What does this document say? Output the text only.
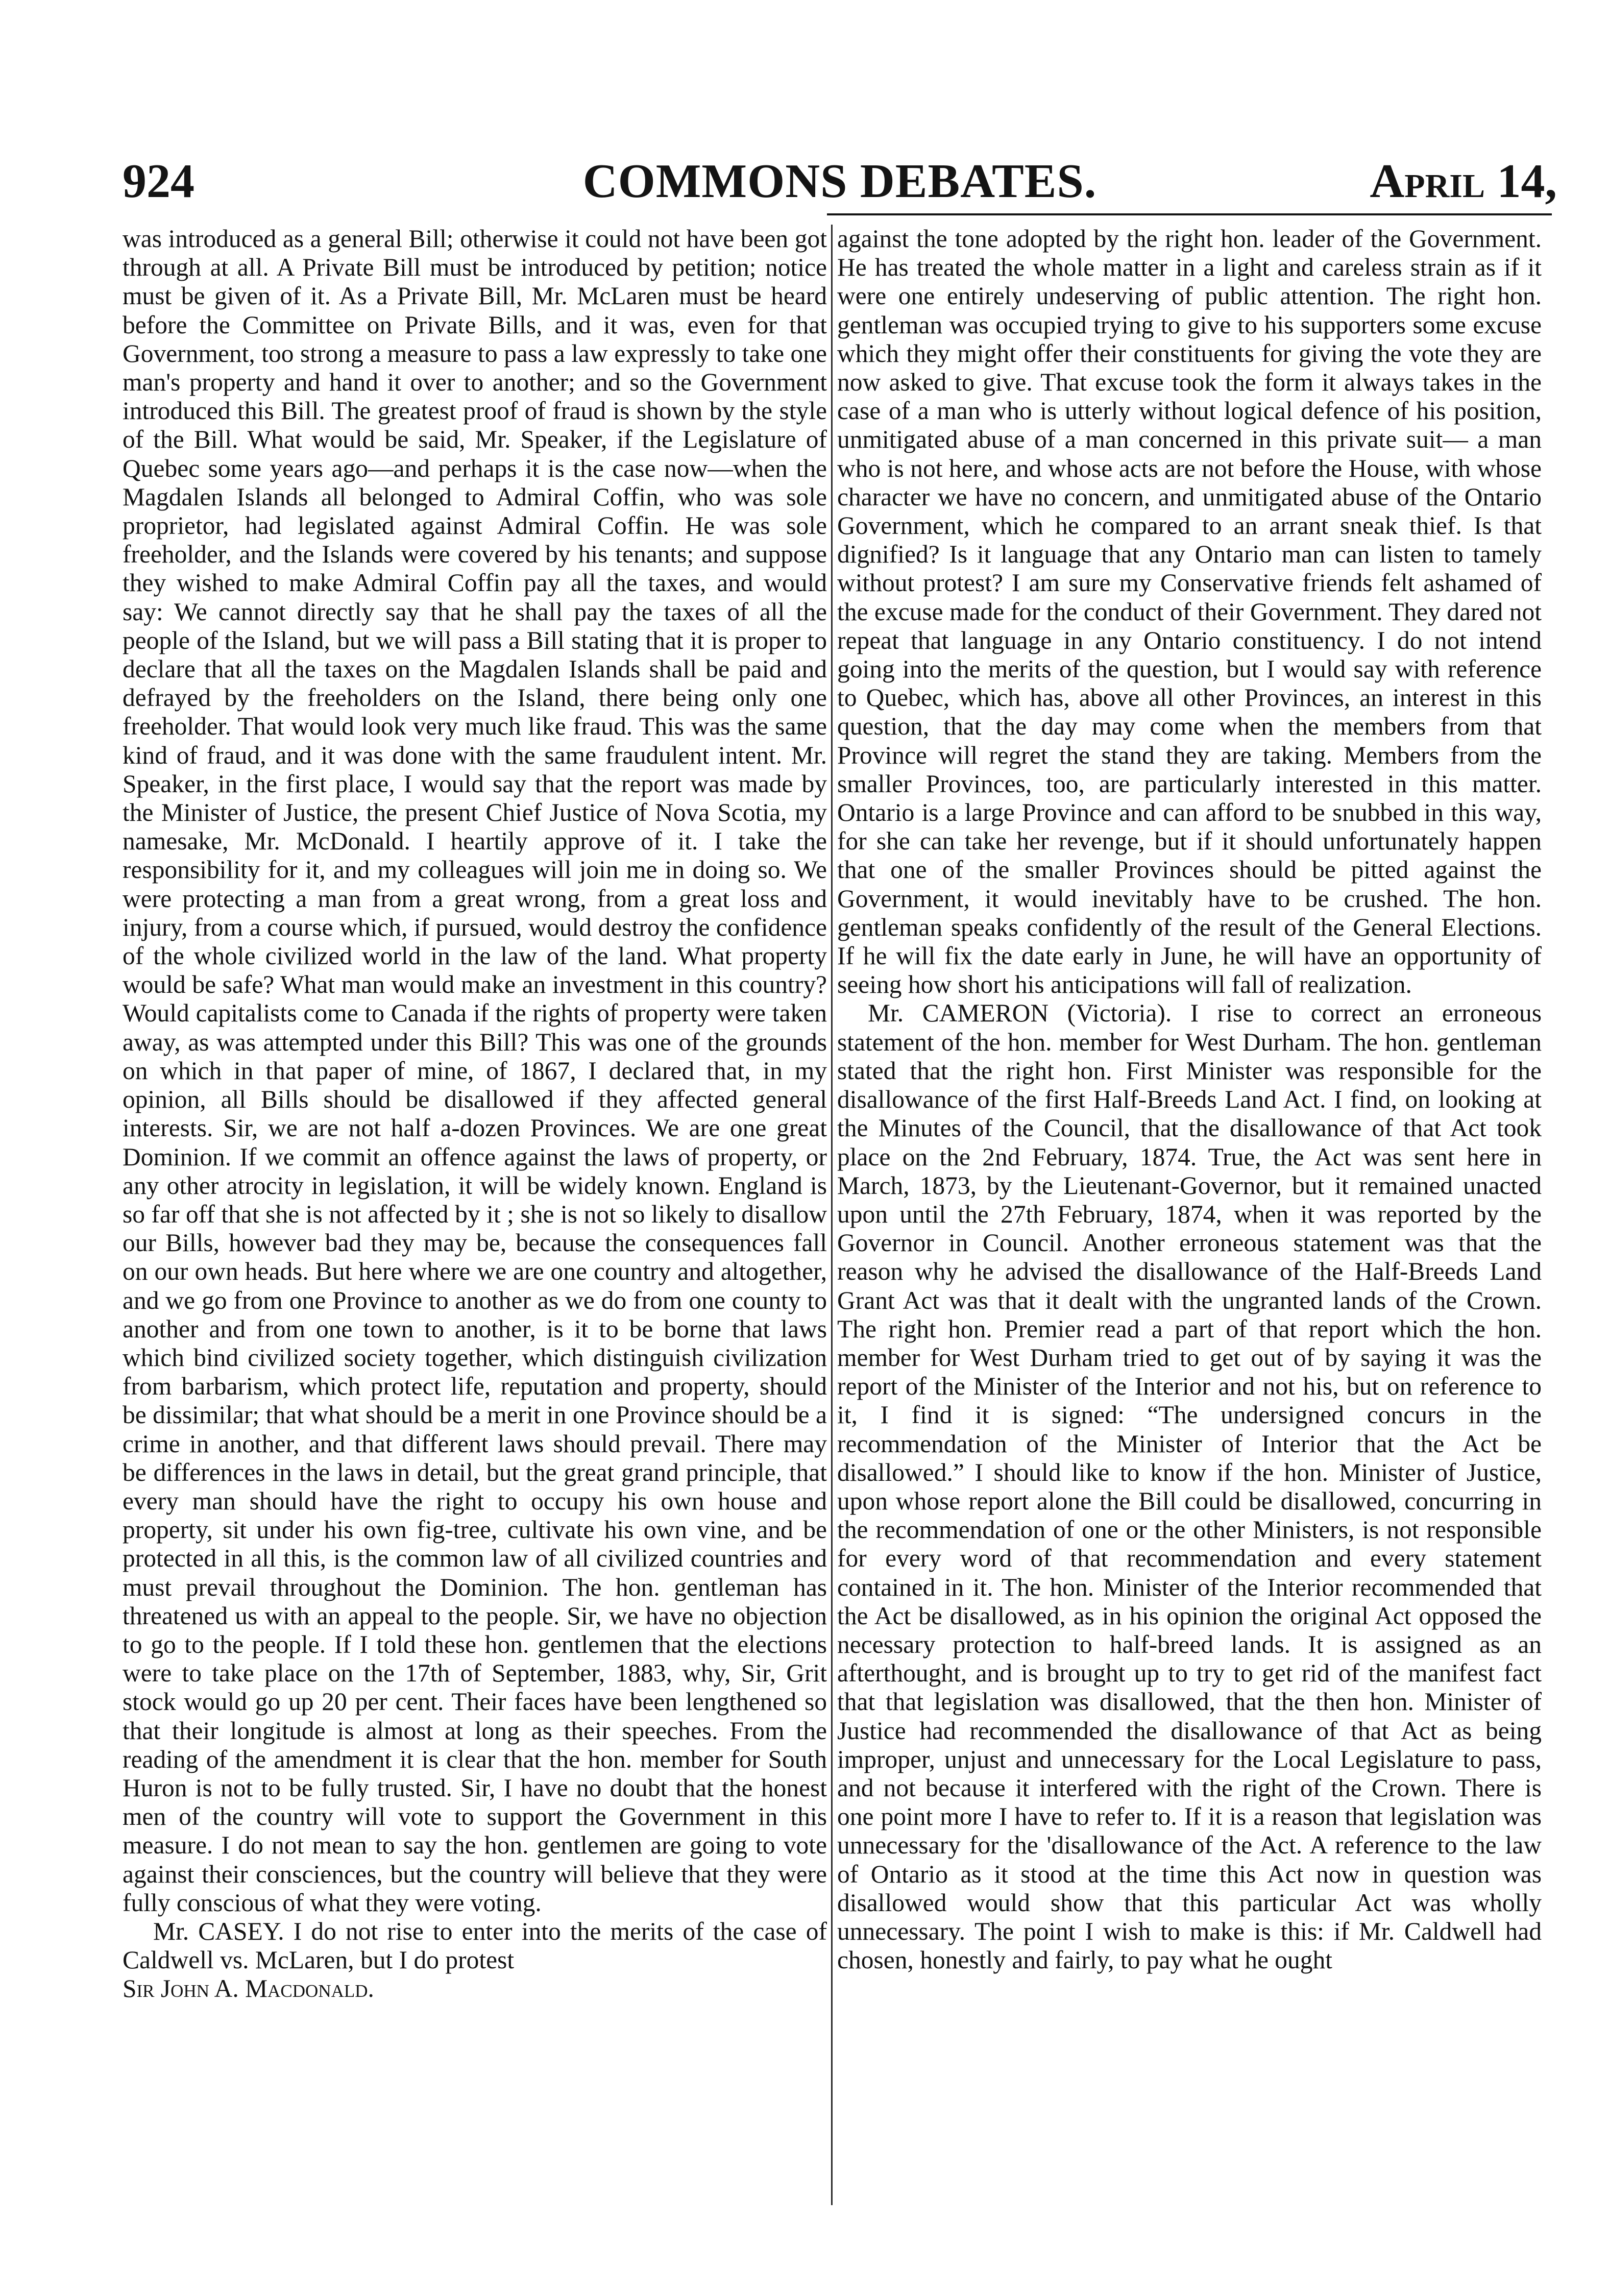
924	COMMONS DEBATES.	April 14,

was introduced as a general Bill; otherwise it could not have been got through at all. A Private Bill must be introduced by petition; notice must be given of it. As a Private Bill, Mr. McLaren must be heard before the Committee on Private Bills, and it was, even for that Government, too strong a measure to pass a law expressly to take one man's property and hand it over to another; and so the Government introduced this Bill. The greatest proof of fraud is shown by the style of the Bill. What would be said, Mr. Speaker, if the Legislature of Quebec some years ago—and perhaps it is the case now—when the Magdalen Islands all belonged to Admiral Coffin, who was sole proprietor, had legislated against Admiral Coffin. He was sole freeholder, and the Islands were covered by his tenants; and suppose they wished to make Admiral Coffin pay all the taxes, and would say: We cannot directly say that he shall pay the taxes of all the people of the Island, but we will pass a Bill stating that it is proper to declare that all the taxes on the Magdalen Islands shall be paid and defrayed by the freeholders on the Island, there being only one freeholder. That would look very much like fraud. This was the same kind of fraud, and it was done with the same fraudulent intent. Mr. Speaker, in the first place, I would say that the report was made by the Minister of Justice, the present Chief Justice of Nova Scotia, my namesake, Mr. McDonald. I heartily approve of it. I take the responsibility for it, and my colleagues will join me in doing so. We were protecting a man from a great wrong, from a great loss and injury, from a course which, if pursued, would destroy the confidence of the whole civilized world in the law of the land. What property would be safe? What man would make an investment in this country? Would capitalists come to Canada if the rights of property were taken away, as was attempted under this Bill? This was one of the grounds on which in that paper of mine, of 1867, I declared that, in my opinion, all Bills should be disallowed if they affected general interests. Sir, we are not half a-dozen Provinces. We are one great Dominion. If we commit an offence against the laws of property, or any other atrocity in legislation, it will be widely known. England is so far off that she is not affected by it ; she is not so likely to disallow our Bills, however bad they may be, because the consequences fall on our own heads. But here where we are one country and altogether, and we go from one Province to another as we do from one county to another and from one town to another, is it to be borne that laws which bind civilized society together, which distinguish civilization from barbarism, which protect life, reputation and property, should be dissimilar; that what should be a merit in one Province should be a crime in another, and that different laws should prevail. There may be differences in the laws in detail, but the great grand principle, that every man should have the right to occupy his own house and property, sit under his own fig-tree, cultivate his own vine, and be protected in all this, is the common law of all civilized countries and must prevail throughout the Dominion. The hon. gentleman has threatened us with an appeal to the people. Sir, we have no objection to go to the people. If I told these hon. gentlemen that the elections were to take place on the 17th of September, 1883, why, Sir, Grit stock would go up 20 per cent. Their faces have been lengthened so that their longitude is almost at long as their speeches. From the reading of the amendment it is clear that the hon. member for South Huron is not to be fully trusted. Sir, I have no doubt that the honest men of the country will vote to support the Government in this measure. I do not mean to say the hon. gentlemen are going to vote against their consciences, but the country will believe that they were fully conscious of what they were voting.

Mr. CASEY. I do not rise to enter into the merits of the case of Caldwell vs. McLaren, but I do protest

Sir John A. Macdonald.

against the tone adopted by the right hon. leader of the Government. He has treated the whole matter in a light and careless strain as if it were one entirely undeserving of public attention. The right hon. gentleman was occupied trying to give to his supporters some excuse which they might offer their constituents for giving the vote they are now asked to give. That excuse took the form it always takes in the case of a man who is utterly without logical defence of his position, unmitigated abuse of a man concerned in this private suit— a man who is not here, and whose acts are not before the House, with whose character we have no concern, and unmitigated abuse of the Ontario Government, which he compared to an arrant sneak thief. Is that dignified? Is it language that any Ontario man can listen to tamely without protest? I am sure my Conservative friends felt ashamed of the excuse made for the conduct of their Government. They dared not repeat that language in any Ontario constituency. I do not intend going into the merits of the question, but I would say with reference to Quebec, which has, above all other Provinces, an interest in this question, that the day may come when the members from that Province will regret the stand they are taking. Members from the smaller Provinces, too, are particularly interested in this matter. Ontario is a large Province and can afford to be snubbed in this way, for she can take her revenge, but if it should unfortunately happen that one of the smaller Provinces should be pitted against the Government, it would inevitably have to be crushed. The hon. gentleman speaks confidently of the result of the General Elections. If he will fix the date early in June, he will have an opportunity of seeing how short his anticipations will fall of realization.

Mr. CAMERON (Victoria). I rise to correct an erroneous statement of the hon. member for West Durham. The hon. gentleman stated that the right hon. First Minister was responsible for the disallowance of the first Half-Breeds Land Act. I find, on looking at the Minutes of the Council, that the disallowance of that Act took place on the 2nd February, 1874. True, the Act was sent here in March, 1873, by the Lieutenant-Governor, but it remained unacted upon until the 27th February, 1874, when it was reported by the Governor in Council. Another erroneous statement was that the reason why he advised the disallowance of the Half-Breeds Land Grant Act was that it dealt with the ungranted lands of the Crown. The right hon. Premier read a part of that report which the hon. member for West Durham tried to get out of by saying it was the report of the Minister of the Interior and not his, but on reference to it, I find it is signed: “The undersigned concurs in the recommendation of the Minister of Interior that the Act be disallowed.” I should like to know if the hon. Minister of Justice, upon whose report alone the Bill could be disallowed, concurring in the recommendation of one or the other Ministers, is not responsible for every word of that recommendation and every statement contained in it. The hon. Minister of the Interior recommended that the Act be disallowed, as in his opinion the original Act opposed the necessary protection to half-breed lands. It is assigned as an afterthought, and is brought up to try to get rid of the manifest fact that that legislation was disallowed, that the then hon. Minister of Justice had recommended the disallowance of that Act as being improper, unjust and unnecessary for the Local Legislature to pass, and not because it interfered with the right of the Crown. There is one point more I have to refer to. If it is a reason that legislation was unnecessary for the 'disallowance of the Act. A reference to the law of Ontario as it stood at the time this Act now in question was disallowed would show that this particular Act was wholly unnecessary. The point I wish to make is this: if Mr. Caldwell had chosen, honestly and fairly, to pay what he ought
